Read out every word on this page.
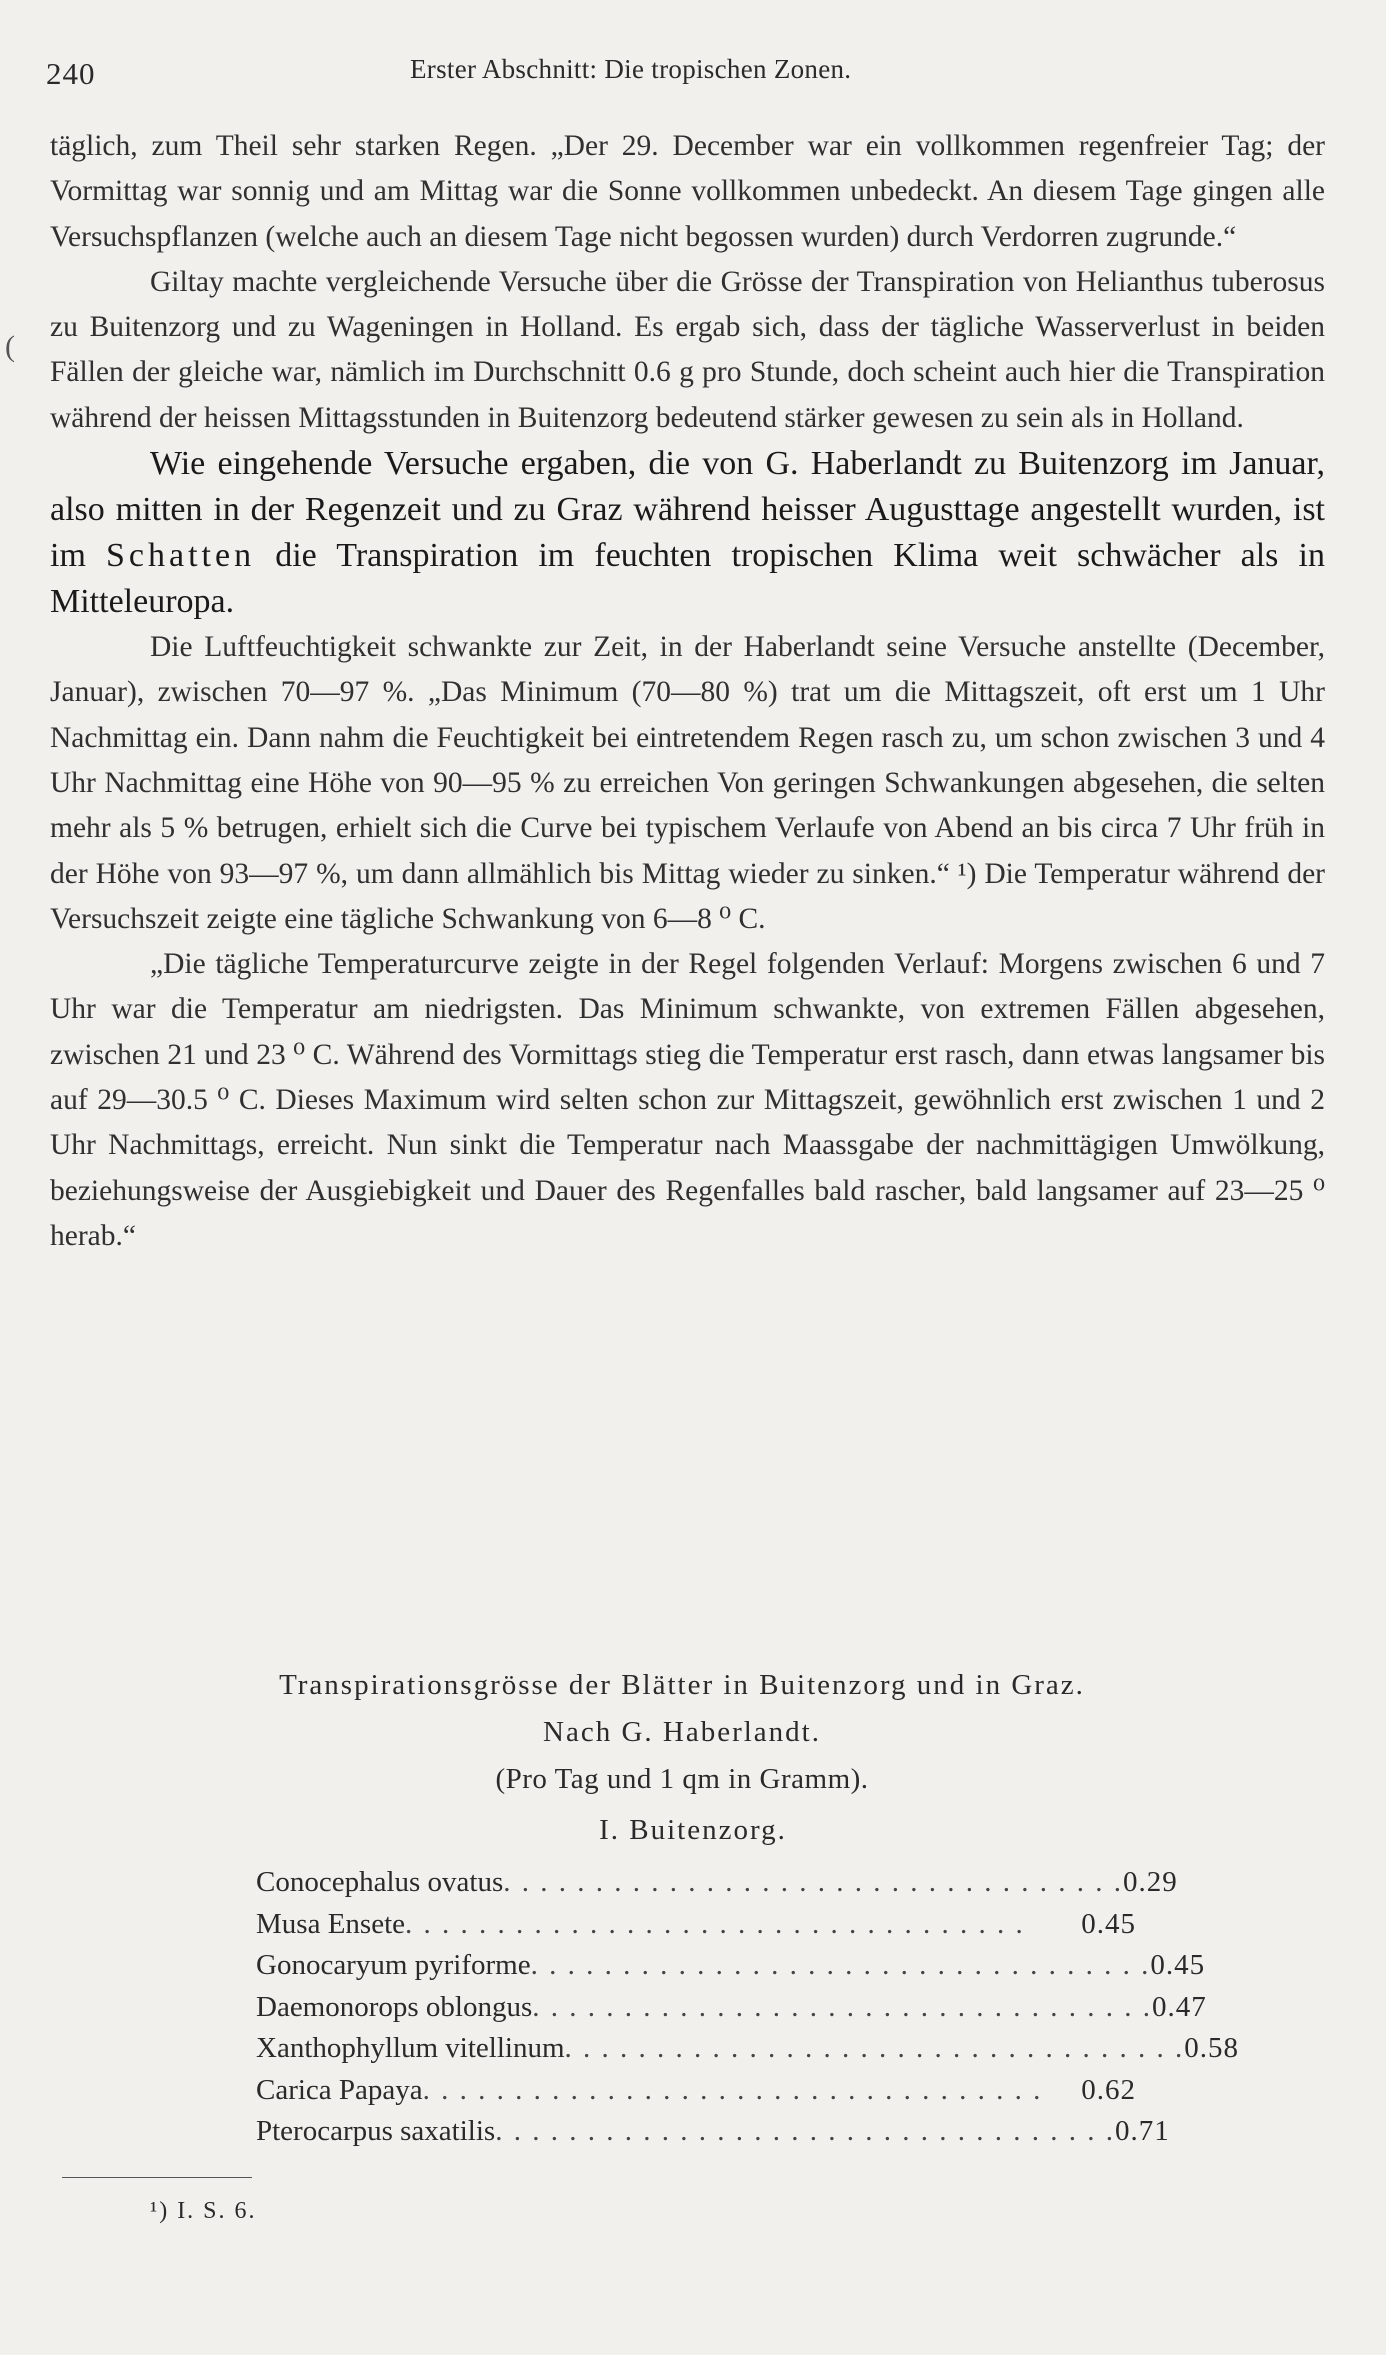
240	Erster Abschnitt: Die tropischen Zonen.
(

täglich, zum Theil sehr starken Regen. „Der 29. December war ein vollkommen regenfreier Tag; der Vormittag war sonnig und am Mittag war die Sonne vollkommen unbedeckt. An diesem Tage gingen alle Versuchspflanzen (welche auch an diesem Tage nicht begossen wurden) durch Verdorren zugrunde.“

Giltay machte vergleichende Versuche über die Grösse der Transpiration von Helianthus tuberosus zu Buitenzorg und zu Wageningen in Holland. Es ergab sich, dass der tägliche Wasserverlust in beiden Fällen der gleiche war, nämlich im Durchschnitt 0.6 g pro Stunde, doch scheint auch hier die Transpiration während der heissen Mittagsstunden in Buitenzorg bedeutend stärker gewesen zu sein als in Holland.

Wie eingehende Versuche ergaben, die von G. Haberlandt zu Buitenzorg im Januar, also mitten in der Regenzeit und zu Graz während heisser Augusttage angestellt wurden, ist im Schatten die Transpiration im feuchten tropischen Klima weit schwächer als in Mitteleuropa.

Die Luftfeuchtigkeit schwankte zur Zeit, in der Haberlandt seine Versuche anstellte (December, Januar), zwischen 70—97 %. „Das Minimum (70—80 %) trat um die Mittagszeit, oft erst um 1 Uhr Nachmittag ein. Dann nahm die Feuchtigkeit bei eintretendem Regen rasch zu, um schon zwischen 3 und 4 Uhr Nachmittag eine Höhe von 90—95 % zu erreichen Von geringen Schwankungen abgesehen, die selten mehr als 5 % betrugen, erhielt sich die Curve bei typischem Verlaufe von Abend an bis circa 7 Uhr früh in der Höhe von 93—97 %, um dann allmählich bis Mittag wieder zu sinken.“ ¹) Die Temperatur während der Versuchszeit zeigte eine tägliche Schwankung von 6—8 ⁰ C.

„Die tägliche Temperaturcurve zeigte in der Regel folgenden Verlauf: Morgens zwischen 6 und 7 Uhr war die Temperatur am niedrigsten. Das Minimum schwankte, von extremen Fällen abgesehen, zwischen 21 und 23 ⁰ C. Während des Vormittags stieg die Temperatur erst rasch, dann etwas langsamer bis auf 29—30.5 ⁰ C. Dieses Maximum wird selten schon zur Mittagszeit, gewöhnlich erst zwischen 1 und 2 Uhr Nachmittags, erreicht. Nun sinkt die Temperatur nach Maassgabe der nachmittägigen Umwölkung, beziehungsweise der Ausgiebigkeit und Dauer des Regenfalles bald rascher, bald langsamer auf 23—25 ⁰ herab.“

Transpirationsgrösse der Blätter in Buitenzorg und in Graz.
Nach G. Haberlandt.
(Pro Tag und 1 qm in Gramm).
I. Buitenzorg.
Conocephalus ovatus . . . . . . . . . . . . . . . . . . . . . . . . . . . . . . . . . . 0.29
Musa Ensete . . . . . . . . . . . . . . . . . . . . . . . . . . . . . . . . . .	0.45
Gonocaryum pyriforme . . . . . . . . . . . . . . . . . . . . . . . . . . . . . . . . . . 0.45
Daemonorops oblongus . . . . . . . . . . . . . . . . . . . . . . . . . . . . . . . . . . 0.47
Xanthophyllum vitellinum . . . . . . . . . . . . . . . . . . . . . . . . . . . . . . . . . . 0.58
Carica Papaya . . . . . . . . . . . . . . . . . . . . . . . . . . . . . . . . . .	0.62
Pterocarpus saxatilis . . . . . . . . . . . . . . . . . . . . . . . . . . . . . . . . . . 0.71
¹) I. S. 6.
